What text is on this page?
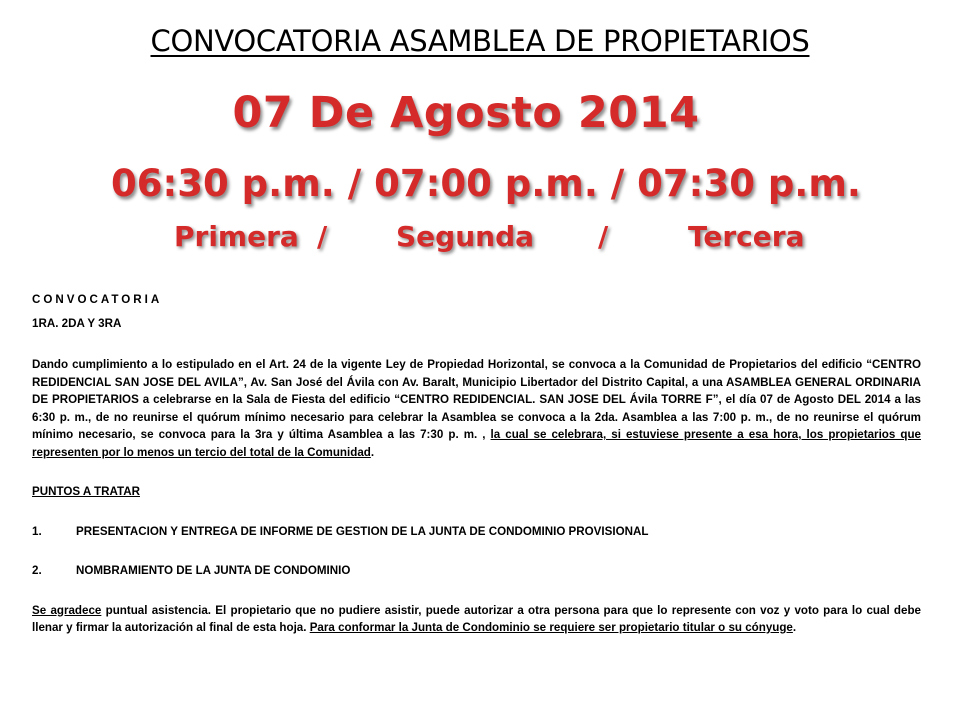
CONVOCATORIA ASAMBLEA DE PROPIETARIOS
07 De Agosto 2014
06:30 p.m. / 07:00 p.m. / 07:30 p.m.
Primera / Segunda /	Tercera

CONVOCATORIA

1RA. 2DA Y 3RA

Dando cumplimiento a lo estipulado en el Art. 24 de la vigente Ley de Propiedad Horizontal, se convoca a la Comunidad de Propietarios del edificio “CENTRO REDIDENCIAL SAN JOSE DEL AVILA”, Av. San José del Ávila con Av. Baralt, Municipio Libertador del Distrito Capital, a una ASAMBLEA GENERAL ORDINARIA DE PROPIETARIOS a celebrarse en la Sala de Fiesta del edificio “CENTRO REDIDENCIAL. SAN JOSE DEL Ávila TORRE F”, el día 07 de Agosto DEL 2014 a las 6:30 p. m., de no reunirse el quórum mínimo necesario para celebrar la Asamblea se convoca a la 2da. Asamblea a las 7:00 p. m., de no reunirse el quórum mínimo necesario, se convoca para la 3ra y última Asamblea a las 7:30 p. m. , la cual se celebrara, si estuviese presente a esa hora, los propietarios que representen por lo menos un tercio del total de la Comunidad.

PUNTOS A TRATAR

1.	PRESENTACION Y ENTREGA DE INFORME DE GESTION DE LA JUNTA DE CONDOMINIO PROVISIONAL
2.	NOMBRAMIENTO DE LA JUNTA DE CONDOMINIO

Se agradece puntual asistencia. El propietario que no pudiere asistir, puede autorizar a otra persona para que lo represente con voz y voto para lo cual debe llenar y firmar la autorización al final de esta hoja. Para conformar la Junta de Condominio se requiere ser propietario titular o su cónyuge.
